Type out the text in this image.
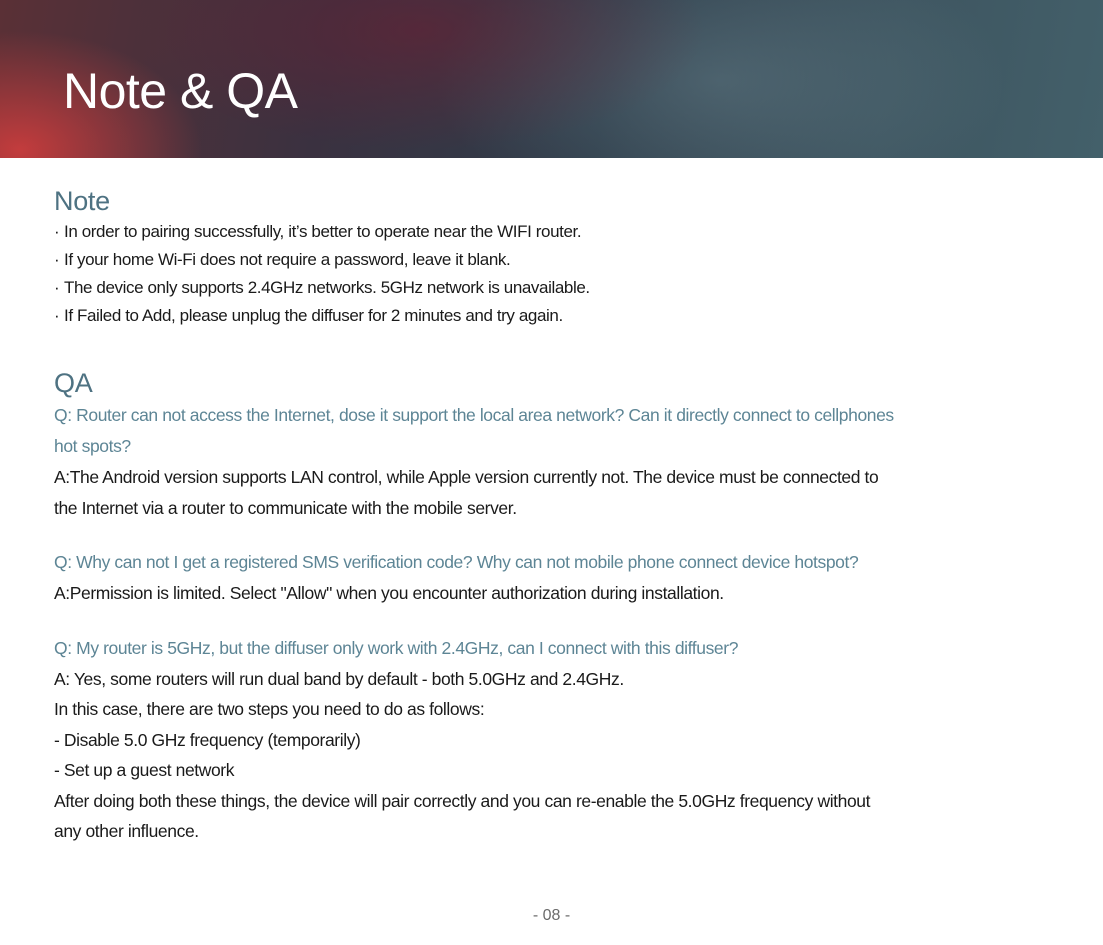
Note & QA
Note
· In order to pairing successfully, it’s better to operate near the WIFI router.
· If your home Wi-Fi does not require a password, leave it blank.
· The device only supports 2.4GHz networks. 5GHz network is unavailable.
· If Failed to Add, please unplug the diffuser for 2 minutes and try again.
QA
Q: Router can not access the Internet, dose it support the local area network? Can it directly connect to cellphones
hot spots?
A:The Android version supports LAN control, while Apple version currently not. The device must be connected to
the Internet via a router to communicate with the mobile server.
Q: Why can not I get a registered SMS verification code? Why can not mobile phone connect device hotspot?
A:Permission is limited. Select "Allow" when you encounter authorization during installation.
Q: My router is 5GHz, but the diffuser only work with 2.4GHz, can I connect with this diffuser?
A: Yes, some routers will run dual band by default - both 5.0GHz and 2.4GHz.
In this case, there are two steps you need to do as follows:
- Disable 5.0 GHz frequency (temporarily)
- Set up a guest network
After doing both these things, the device will pair correctly and you can re-enable the 5.0GHz frequency without
any other influence.
- 08 -
